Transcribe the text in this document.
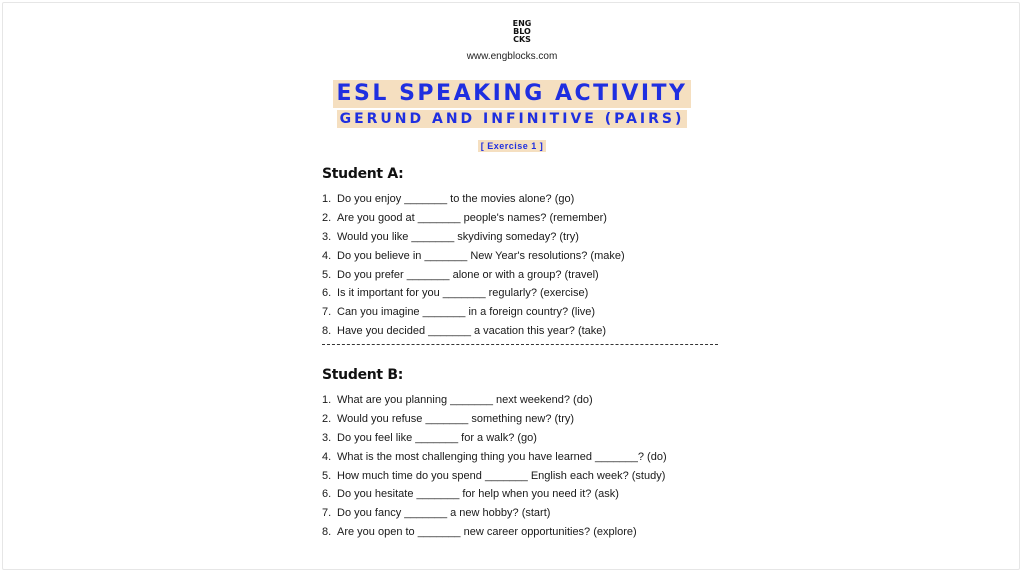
ENG
BLO
CKS
www.engblocks.com
ESL SPEAKING ACTIVITY
GERUND AND INFINITIVE (PAIRS)
[ Exercise 1 ]
Student A:
1. Do you enjoy _______ to the movies alone? (go)
2. Are you good at _______ people's names? (remember)
3. Would you like _______ skydiving someday? (try)
4. Do you believe in _______ New Year's resolutions? (make)
5. Do you prefer _______ alone or with a group? (travel)
6. Is it important for you _______ regularly? (exercise)
7. Can you imagine _______ in a foreign country? (live)
8. Have you decided _______ a vacation this year? (take)
Student B:
1. What are you planning _______ next weekend? (do)
2. Would you refuse _______ something new? (try)
3. Do you feel like _______ for a walk? (go)
4. What is the most challenging thing you have learned _______? (do)
5. How much time do you spend _______ English each week? (study)
6. Do you hesitate _______ for help when you need it? (ask)
7. Do you fancy _______ a new hobby? (start)
8. Are you open to _______ new career opportunities? (explore)
